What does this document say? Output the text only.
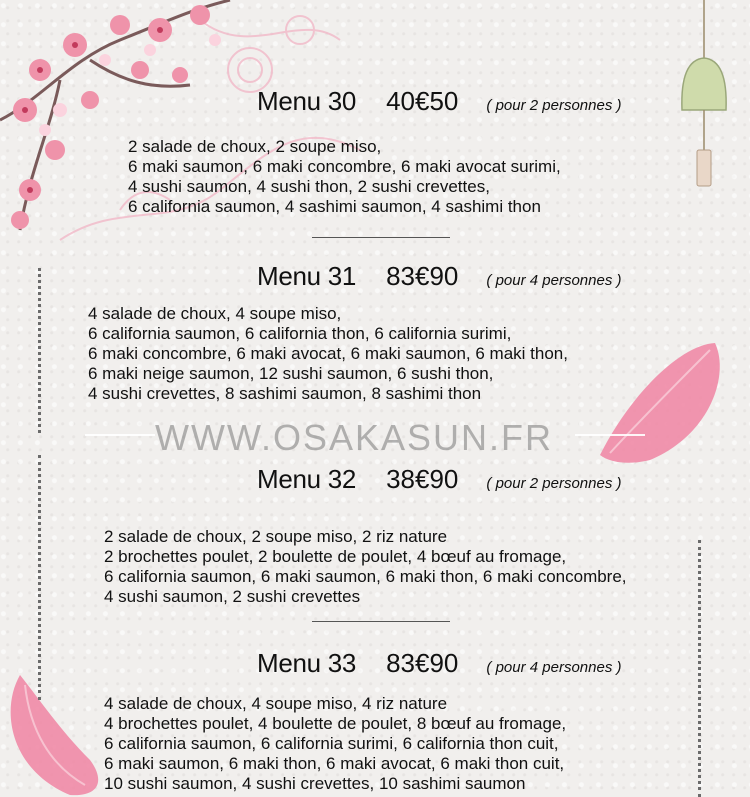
Menu 30 40€50 ( pour 2 personnes )
2 salade de choux, 2 soupe miso,
6 maki saumon, 6 maki concombre, 6 maki avocat surimi,
4 sushi saumon, 4 sushi thon, 2 sushi crevettes,
6 california saumon, 4 sashimi saumon, 4 sashimi thon
Menu 31 83€90 ( pour 4 personnes )
4 salade de choux, 4 soupe miso,
6 california saumon, 6 california thon, 6 california surimi,
6 maki concombre, 6 maki avocat, 6 maki saumon, 6 maki thon,
6 maki neige saumon, 12 sushi saumon, 6 sushi thon,
4 sushi crevettes, 8 sashimi saumon, 8 sashimi thon
WWW.OSAKASUN.FR
Menu 32 38€90 ( pour 2 personnes )
2 salade de choux, 2 soupe miso, 2 riz nature
2 brochettes poulet, 2 boulette de poulet, 4 bœuf au fromage,
6 california saumon, 6 maki saumon, 6 maki thon, 6 maki concombre,
4 sushi saumon, 2 sushi crevettes
Menu 33 83€90 ( pour 4 personnes )
4 salade de choux, 4 soupe miso, 4 riz nature
4 brochettes poulet, 4 boulette de poulet, 8 bœuf au fromage,
6 california saumon, 6 california surimi, 6 california thon cuit,
6 maki saumon, 6 maki thon, 6 maki avocat, 6 maki thon cuit,
10 sushi saumon, 4 sushi crevettes, 10 sashimi saumon
